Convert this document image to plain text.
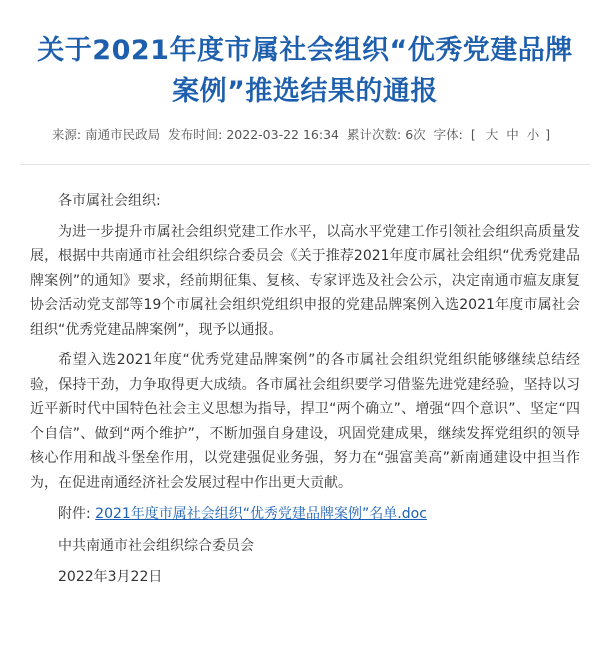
关于2021年度市属社会组织“优秀党建品牌案例”推选结果的通报
来源: 南通市民政局 发布时间: 2022-03-22 16:34 累计次数: 6次 字体: [ 大 中 小 ]

各市属社会组织:

为进一步提升市属社会组织党建工作水平，以高水平党建工作引领社会组织高质量发展，根据中共南通市社会组织综合委员会《关于推荐2021年度市属社会组织“优秀党建品牌案例”的通知》要求，经前期征集、复核、专家评选及社会公示，决定南通市瘟友康复协会活动党支部等19个市属社会组织党组织申报的党建品牌案例入选2021年度市属社会组织“优秀党建品牌案例”，现予以通报。

希望入选2021年度“优秀党建品牌案例”的各市属社会组织党组织能够继续总结经验，保持干劲，力争取得更大成绩。各市属社会组织要学习借鉴先进党建经验，坚持以习近平新时代中国特色社会主义思想为指导，捍卫“两个确立”、增强“四个意识”、坚定“四个自信”、做到“两个维护”，不断加强自身建设，巩固党建成果，继续发挥党组织的领导核心作用和战斗堡垒作用，以党建强促业务强，努力在“强富美高”新南通建设中担当作为，在促进南通经济社会发展过程中作出更大贡献。

附件: 2021年度市属社会组织“优秀党建品牌案例”名单.doc

中共南通市社会组织综合委员会

2022年3月22日
